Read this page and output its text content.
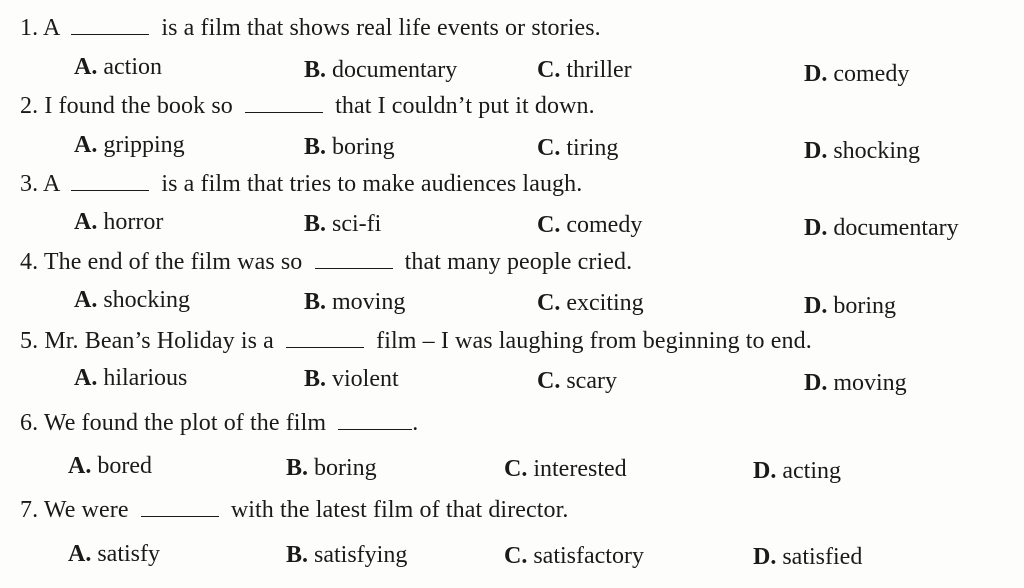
1. A	is a film that shows real life events or stories.
A. action	B. documentary	C. thriller	D. comedy
2. I found the book so	that I couldn’t put it down.
A. gripping	B. boring	C. tiring	D. shocking
3. A	is a film that tries to make audiences laugh.
A. horror	B. sci-fi	C. comedy	D. documentary
4. The end of the film was so	that many people cried.
A. shocking	B. moving	C. exciting	D. boring
5. Mr. Bean’s Holiday is a	film – I was laughing from beginning to end.
A. hilarious	B. violent	C. scary	D. moving
6. We found the plot of the film	.
A. bored	B. boring	C. interested	D. acting
7. We were	with the latest film of that director.
A. satisfy	B. satisfying	C. satisfactory	D. satisfied
